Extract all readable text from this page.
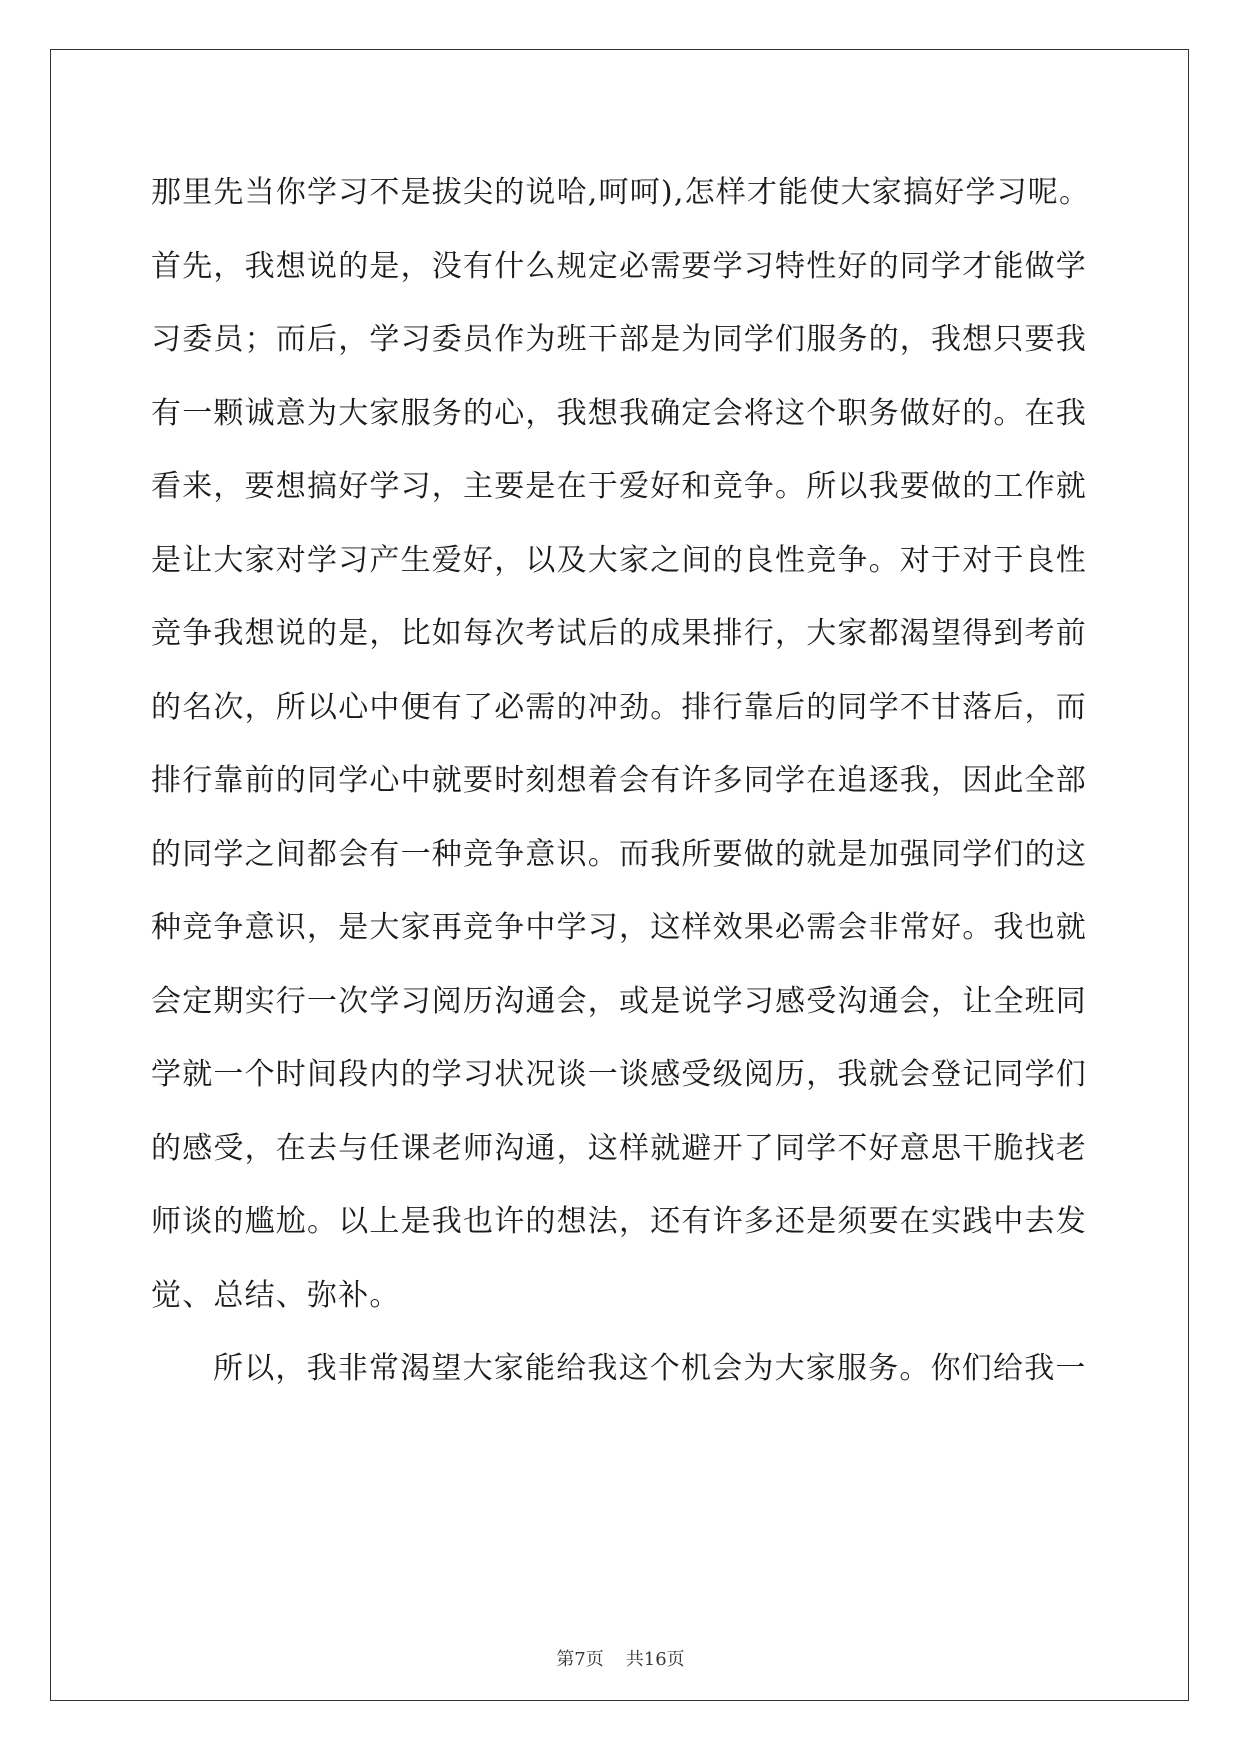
那里先当你学习不是拔尖的说哈,呵呵),怎样才能使大家搞好学习呢。
首先，我想说的是，没有什么规定必需要学习特性好的同学才能做学
习委员；而后，学习委员作为班干部是为同学们服务的，我想只要我
有一颗诚意为大家服务的心，我想我确定会将这个职务做好的。在我
看来，要想搞好学习，主要是在于爱好和竞争。所以我要做的工作就
是让大家对学习产生爱好，以及大家之间的良性竞争。对于对于良性
竞争我想说的是，比如每次考试后的成果排行，大家都渴望得到考前
的名次，所以心中便有了必需的冲劲。排行靠后的同学不甘落后，而
排行靠前的同学心中就要时刻想着会有许多同学在追逐我，因此全部
的同学之间都会有一种竞争意识。而我所要做的就是加强同学们的这
种竞争意识，是大家再竞争中学习，这样效果必需会非常好。我也就
会定期实行一次学习阅历沟通会，或是说学习感受沟通会，让全班同
学就一个时间段内的学习状况谈一谈感受级阅历，我就会登记同学们
的感受，在去与任课老师沟通，这样就避开了同学不好意思干脆找老
师谈的尴尬。以上是我也许的想法，还有许多还是须要在实践中去发
觉、总结、弥补。
所以，我非常渴望大家能给我这个机会为大家服务。你们给我一
第7页 共16页
